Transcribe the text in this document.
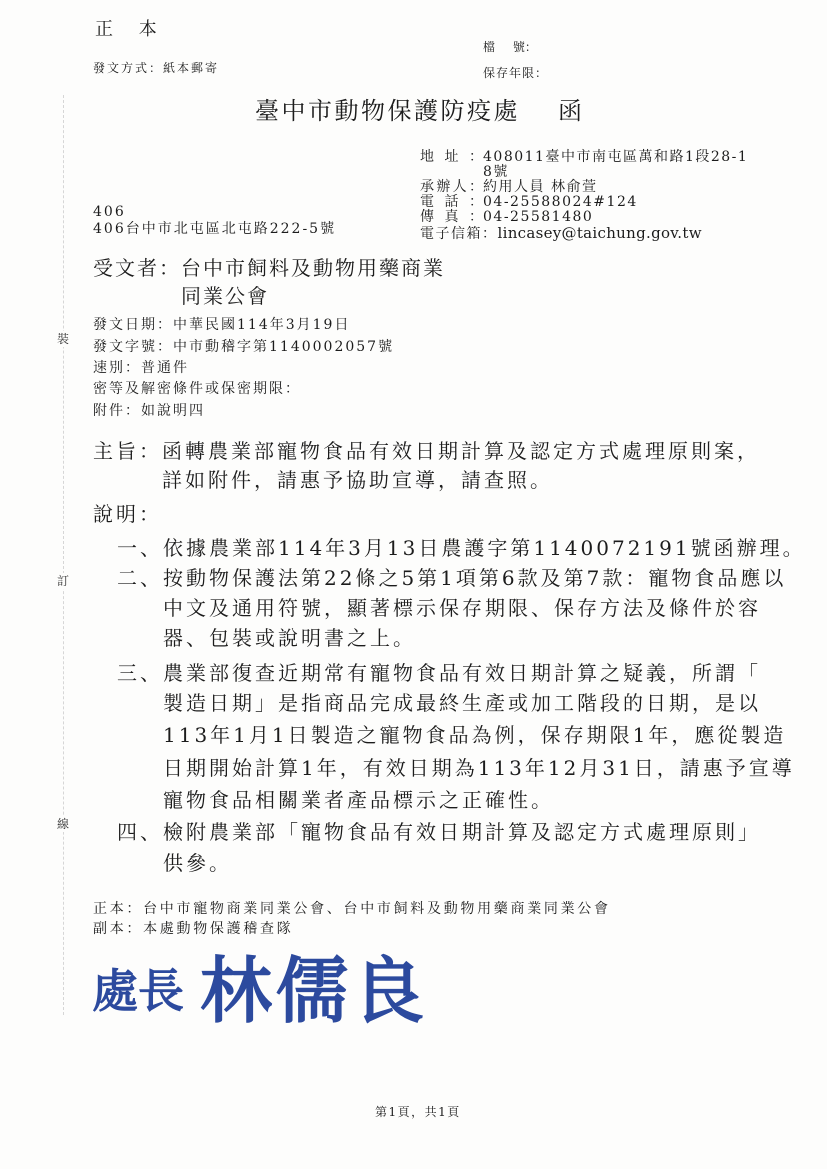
裝
訂
線
正 本
檔 號：
發文方式：紙本郵寄	保存年限：
臺中市動物保護防疫處 函
地址：408011臺中市南屯區萬和路1段28-1
8號
承辦人：約用人員 林俞萱
電話：04-25588024#124
傳真：04-25581480
電子信箱：lincasey@taichung.gov.tw
406
406台中市北屯區北屯路222-5號
受文者：台中市飼料及動物用藥商業
同業公會
發文日期：中華民國114年3月19日
發文字號：中市動稽字第1140002057號
速別：普通件
密等及解密條件或保密期限：
附件：如說明四
主旨：函轉農業部寵物食品有效日期計算及認定方式處理原則案，
詳如附件，請惠予協助宣導，請查照。
說明：
一、依據農業部114年3月13日農護字第1140072191號函辦理。
二、按動物保護法第22條之5第1項第6款及第7款：寵物食品應以
中文及通用符號，顯著標示保存期限、保存方法及條件於容
器、包裝或說明書之上。
三、農業部復查近期常有寵物食品有效日期計算之疑義，所謂「
製造日期」是指商品完成最終生產或加工階段的日期，是以
113年1月1日製造之寵物食品為例，保存期限1年，應從製造
日期開始計算1年，有效日期為113年12月31日，請惠予宣導
寵物食品相關業者產品標示之正確性。
四、檢附農業部「寵物食品有效日期計算及認定方式處理原則」
供參。
正本：台中市寵物商業同業公會、台中市飼料及動物用藥商業同業公會
副本：本處動物保護稽查隊
處長 林儒良
第1頁，共1頁
